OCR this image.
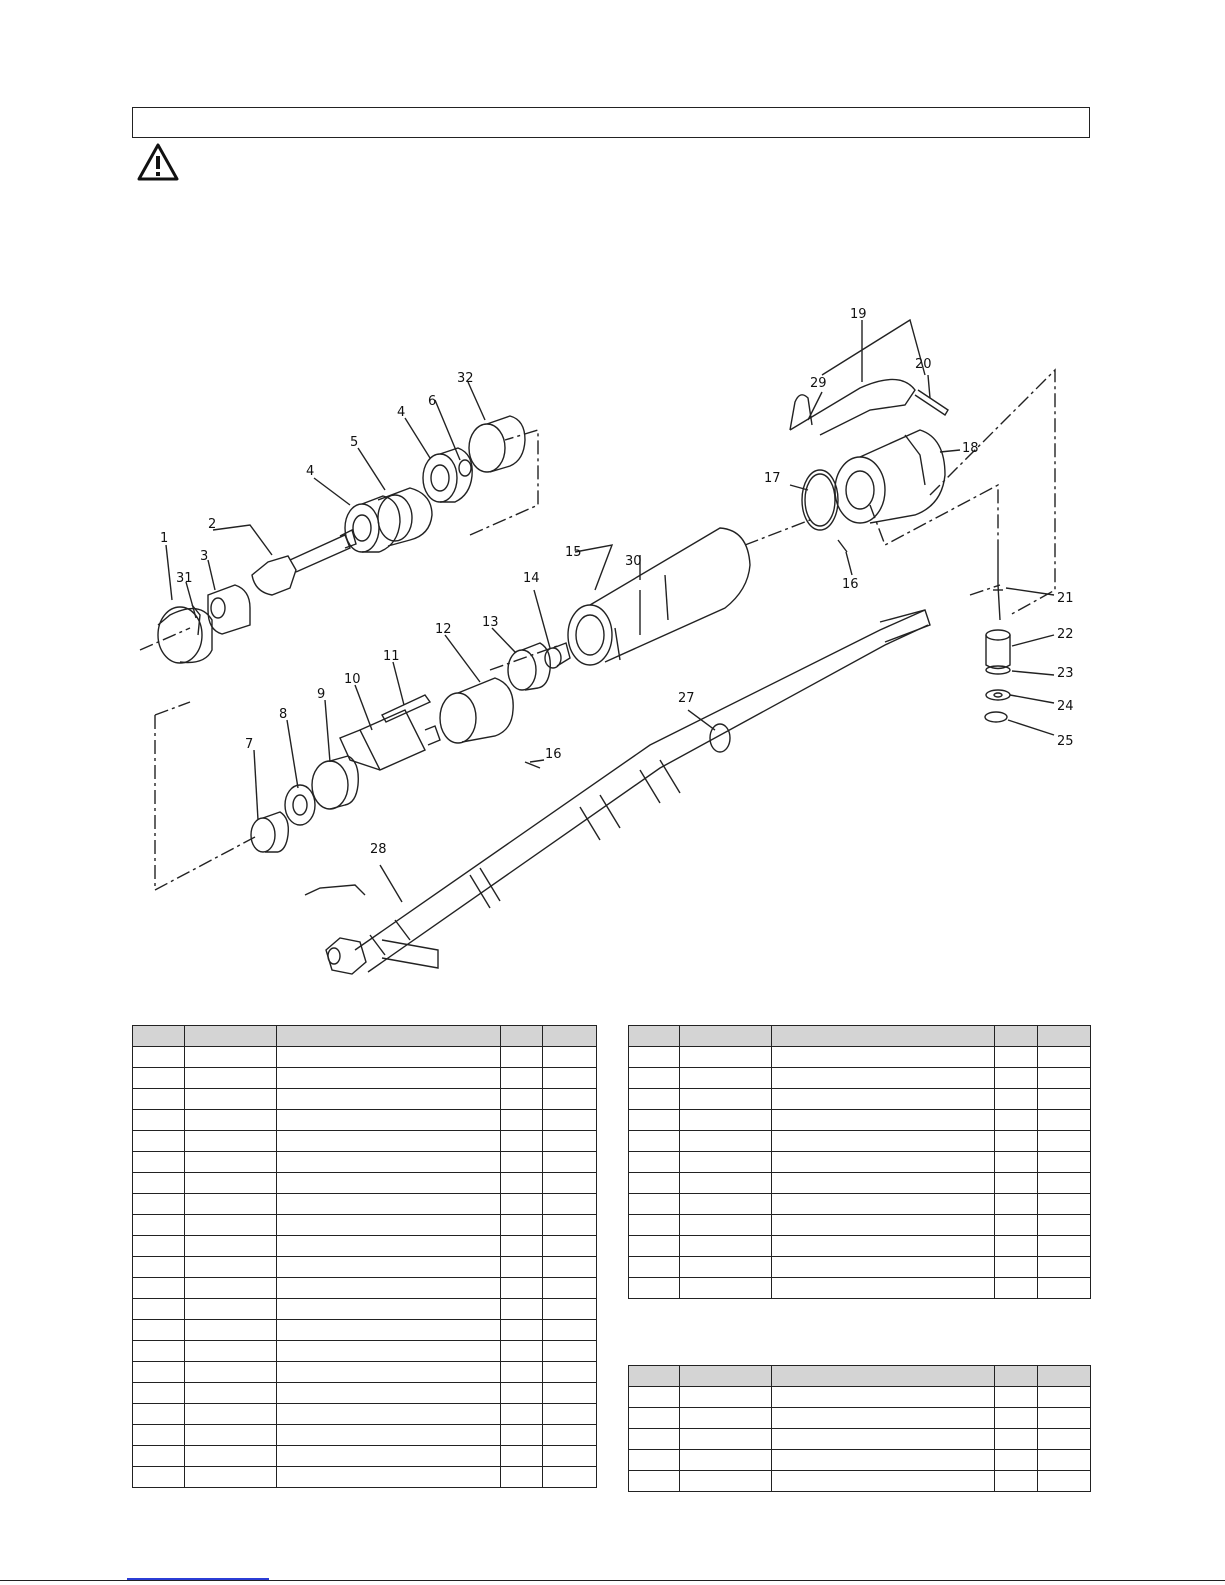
1
2
3
4
4
5
6
7
8
9
10
11
12 13
14
15
16
16
17
18
19
20
21
22
23
24
25
27
28
29
30
31
32
